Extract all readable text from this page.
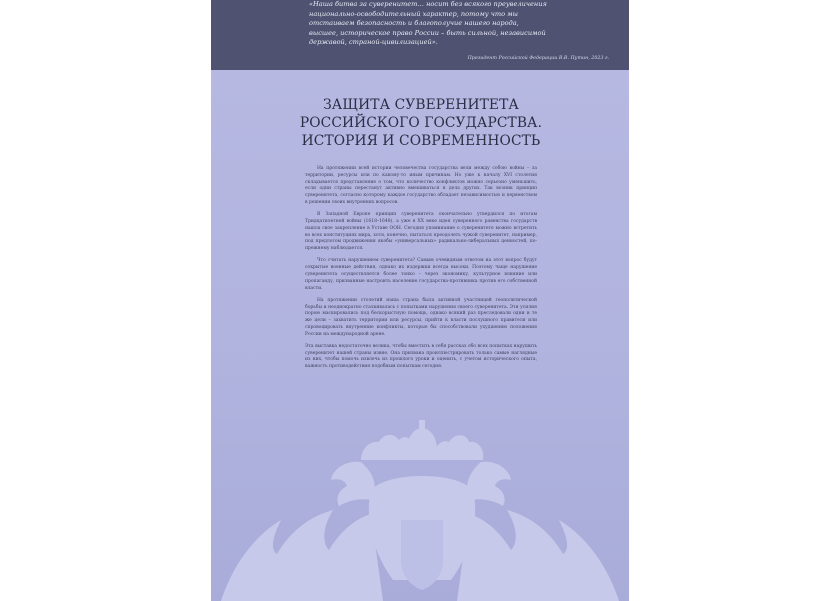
«Наша битва за суверенитет… носит без всякого преувеличения национально-освободительный характер, потому что мы отстаиваем безопасность и благополучие нашего народа, высшее, историческое право России – быть сильной, независимой державой, страной-цивилизацией».

Президент Российской Федерации В.В. Путин, 2023 г.

ЗАЩИТА СУВЕРЕНИТЕТА
РОССИЙСКОГО ГОСУДАРСТВА.
ИСТОРИЯ И СОВРЕМЕННОСТЬ

На протяжении всей истории человечества государства вели между собою войны – за территории, ресурсы или по какому-то иным причинам. Но уже к началу XVI столетия складывается представление о том, что количество конфликтов можно серьезно уменьшить, если одни страны перестанут активно вмешиваться в дела других. Так возник принцип суверенитета, согласно которому каждое государство обладает независимостью и первенством в решении своих внутренних вопросов.

В Западной Европе принцип суверенитета окончательно утвердился по итогам Тридцатилетней войны (1618–1648), а уже в XX веке идея суверенного равенства государств нашла свое закрепление в Уставе ООН. Сегодня упоминание о суверенитете можно встретить во всех конституциях мира, хотя, конечно, пытаться преодолеть чужой суверенитет, например, под предлогом продвижения якобы «универсальных» радикально-либеральных ценностей, по-прежнему наблюдается.

Что считать нарушением суверенитета? Самым очевидным ответом на этот вопрос будут открытые военные действия, однако их издержки всегда высоки. Поэтому чаще нарушение суверенитета осуществляется более тонко – через экономику, культурное влияние или пропаганду, призванные настроить население государства-противника против его собственной власти.

На протяжении столетий наша страна была активной участницей геополитической борьбы и неоднократно сталкивалась с попытками нарушения своего суверенитета. Эти усилия порою маскировались под бескорыстную помощь, однако всякий раз преследовали одни и те же цели – захватить территории или ресурсы, прийти к власти послушного правителя или спровоцировать внутренние конфликты, которые бы способствовали ухудшению положения России на международной арене.

Эта выставка недостаточно велика, чтобы вместить в себя рассказ обо всех попытках нарушить суверенитет нашей страны извне. Она призвана проиллюстрировать только самые наглядные из них, чтобы помочь извлечь из прошлого уроки и оценить, с учетом исторического опыта, важность противодействия подобным попыткам сегодня.
